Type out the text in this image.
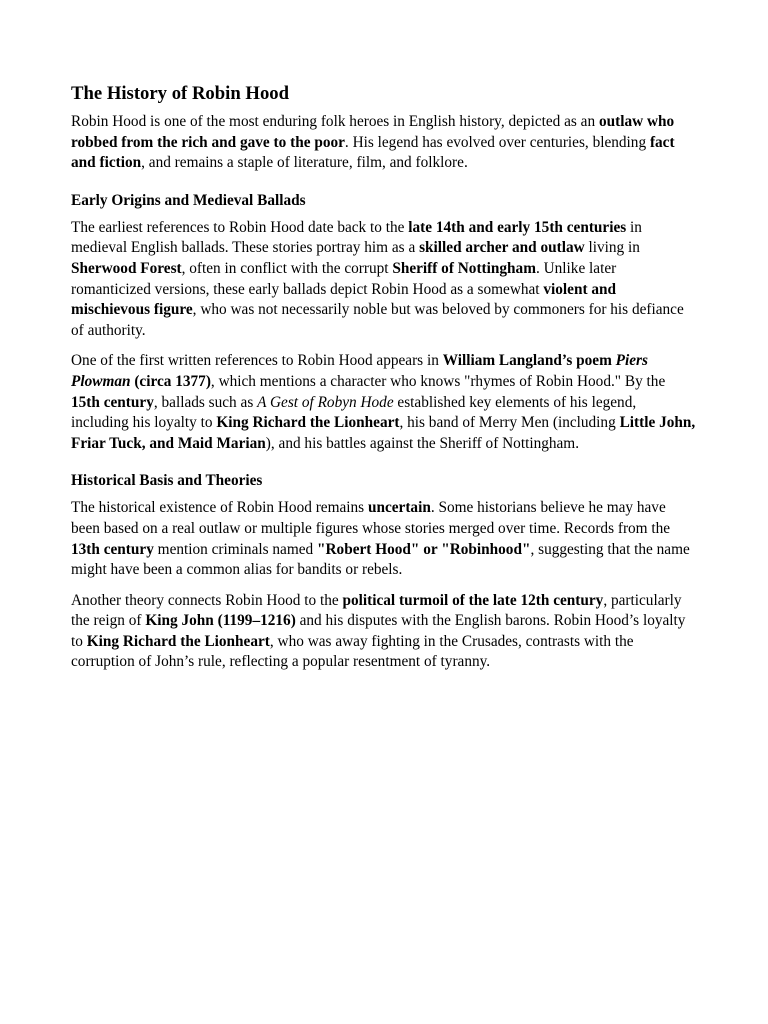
The History of Robin Hood

Robin Hood is one of the most enduring folk heroes in English history, depicted as an outlaw who robbed from the rich and gave to the poor. His legend has evolved over centuries, blending fact and fiction, and remains a staple of literature, film, and folklore.

Early Origins and Medieval Ballads

The earliest references to Robin Hood date back to the late 14th and early 15th centuries in medieval English ballads. These stories portray him as a skilled archer and outlaw living in Sherwood Forest, often in conflict with the corrupt Sheriff of Nottingham. Unlike later romanticized versions, these early ballads depict Robin Hood as a somewhat violent and mischievous figure, who was not necessarily noble but was beloved by commoners for his defiance of authority.

One of the first written references to Robin Hood appears in William Langland’s poem Piers Plowman (circa 1377), which mentions a character who knows "rhymes of Robin Hood." By the 15th century, ballads such as A Gest of Robyn Hode established key elements of his legend, including his loyalty to King Richard the Lionheart, his band of Merry Men (including Little John, Friar Tuck, and Maid Marian), and his battles against the Sheriff of Nottingham.

Historical Basis and Theories

The historical existence of Robin Hood remains uncertain. Some historians believe he may have been based on a real outlaw or multiple figures whose stories merged over time. Records from the 13th century mention criminals named "Robert Hood" or "Robinhood", suggesting that the name might have been a common alias for bandits or rebels.

Another theory connects Robin Hood to the political turmoil of the late 12th century, particularly the reign of King John (1199–1216) and his disputes with the English barons. Robin Hood’s loyalty to King Richard the Lionheart, who was away fighting in the Crusades, contrasts with the corruption of John’s rule, reflecting a popular resentment of tyranny.
